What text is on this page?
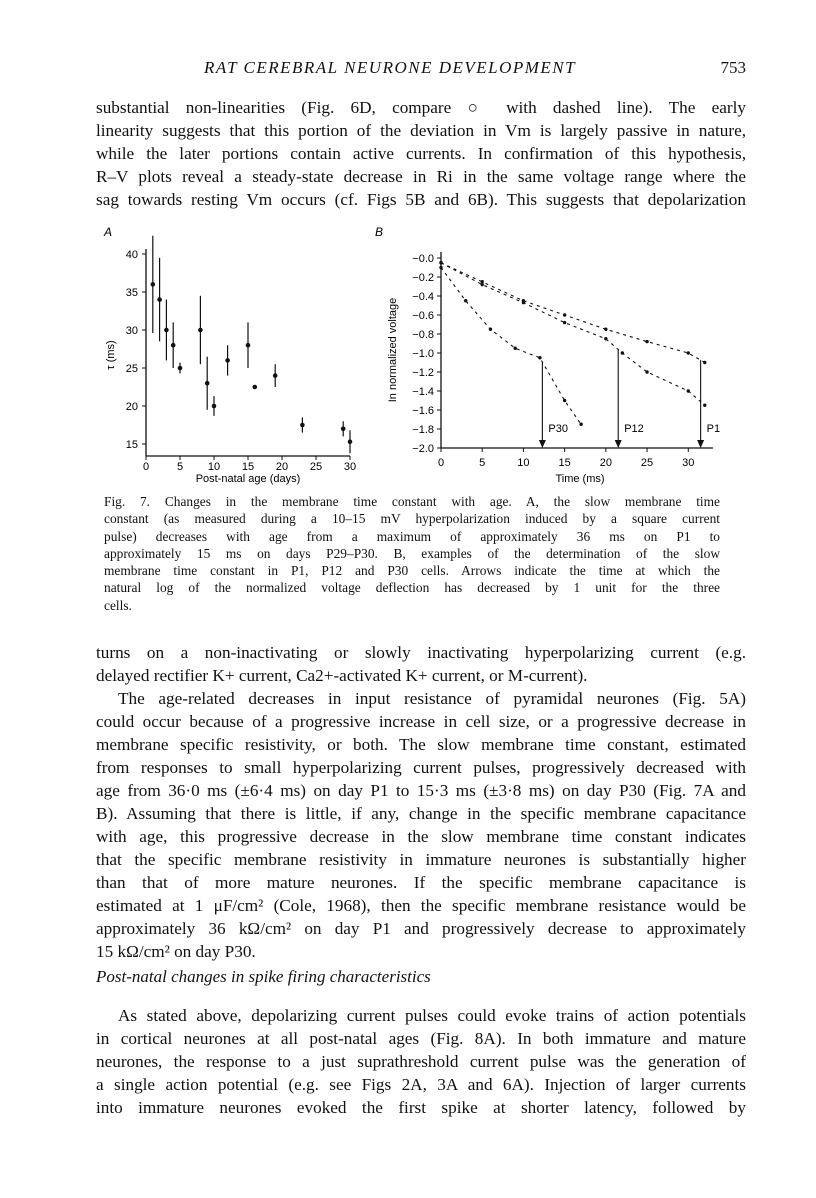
RAT CEREBRAL NEURONE DEVELOPMENT	753

substantial non-linearities (Fig. 6D, compare ○ with dashed line). The early
linearity suggests that this portion of the deviation in Vm is largely passive in nature,
while the later portions contain active currents. In confirmation of this hypothesis,
R–V plots reveal a steady-state decrease in Ri in the same voltage range where the
sag towards resting Vm occurs (cf. Figs 5B and 6B). This suggests that depolarization

A	B
τ (ms)
Post-natal age (days)
15
20
25
30
35
40
0	5 10 15 20 25 30
In normalized voltage
Time (ms)
−0.0
−0.2
−0.4
−0.6
−0.8
−1.0
−1.2
−1.4
−1.6
−1.8
−2.0
0	5	10	15	20	25	30
P30	P12	P1

Fig. 7. Changes in the membrane time constant with age. A, the slow membrane time
constant (as measured during a 10–15 mV hyperpolarization induced by a square current
pulse) decreases with age from a maximum of approximately 36 ms on P1 to
approximately 15 ms on days P29–P30. B, examples of the determination of the slow
membrane time constant in P1, P12 and P30 cells. Arrows indicate the time at which the
natural log of the normalized voltage deflection has decreased by 1 unit for the three
cells.

turns on a non-inactivating or slowly inactivating hyperpolarizing current (e.g.
delayed rectifier K+ current, Ca2+-activated K+ current, or M-current).

The age-related decreases in input resistance of pyramidal neurones (Fig. 5A)
could occur because of a progressive increase in cell size, or a progressive decrease in
membrane specific resistivity, or both. The slow membrane time constant, estimated
from responses to small hyperpolarizing current pulses, progressively decreased with
age from 36·0 ms (±6·4 ms) on day P1 to 15·3 ms (±3·8 ms) on day P30 (Fig. 7A and
B). Assuming that there is little, if any, change in the specific membrane capacitance
with age, this progressive decrease in the slow membrane time constant indicates
that the specific membrane resistivity in immature neurones is substantially higher
than that of more mature neurones. If the specific membrane capacitance is
estimated at 1 μF/cm² (Cole, 1968), then the specific membrane resistance would be
approximately 36 kΩ/cm² on day P1 and progressively decrease to approximately
15 kΩ/cm² on day P30.

Post-natal changes in spike firing characteristics

As stated above, depolarizing current pulses could evoke trains of action potentials
in cortical neurones at all post-natal ages (Fig. 8A). In both immature and mature
neurones, the response to a just suprathreshold current pulse was the generation of
a single action potential (e.g. see Figs 2A, 3A and 6A). Injection of larger currents
into immature neurones evoked the first spike at shorter latency, followed by
